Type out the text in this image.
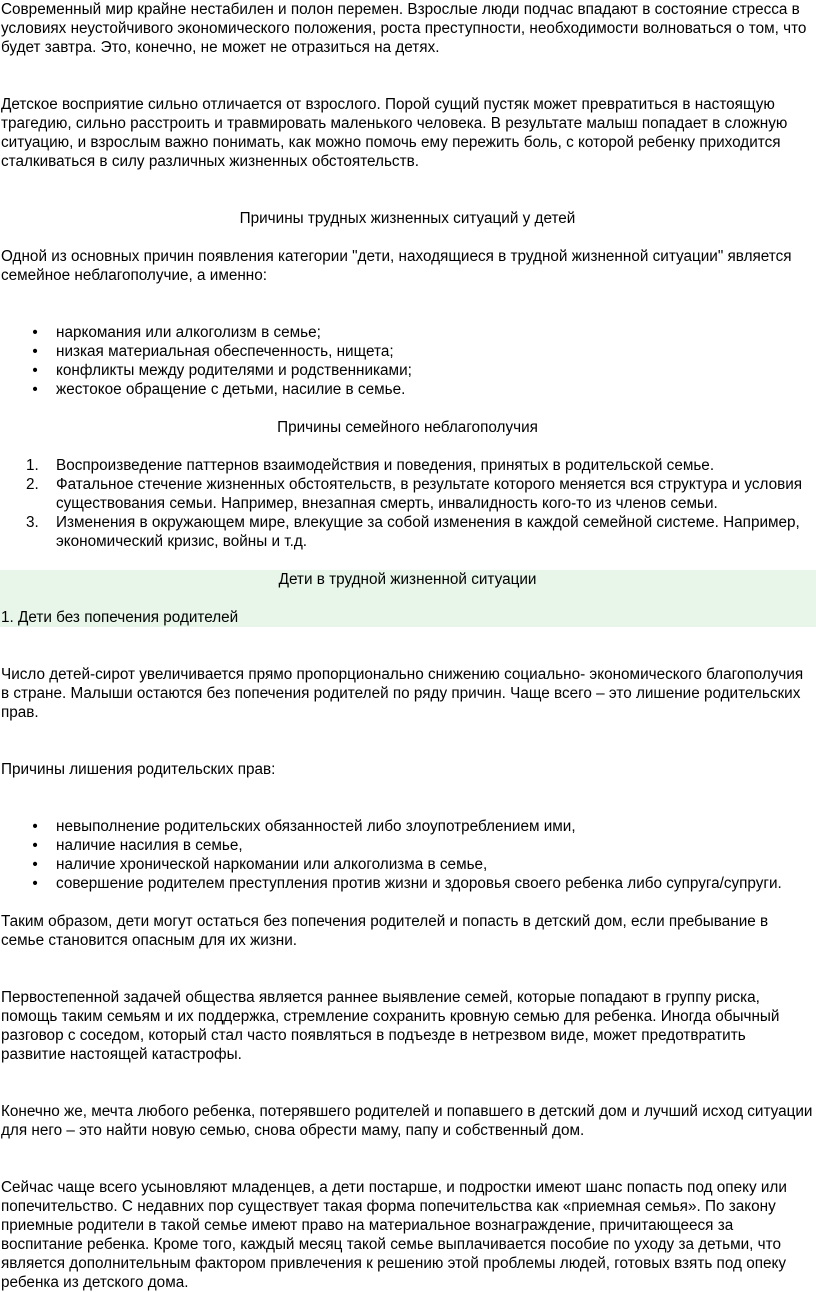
Современный мир крайне нестабилен и полон перемен. Взрослые люди подчас впадают в состояние стресса в условиях неустойчивого экономического положения, роста преступности, необходимости волноваться о том, что будет завтра. Это, конечно, не может не отразиться на детях.

Детское восприятие сильно отличается от взрослого. Порой сущий пустяк может превратиться в настоящую трагедию, сильно расстроить и травмировать маленького человека. В результате малыш попадает в сложную ситуацию, и взрослым важно понимать, как можно помочь ему пережить боль, с которой ребенку приходится сталкиваться в силу различных жизненных обстоятельств.

Причины трудных жизненных ситуаций у детей

Одной из основных причин появления категории "дети, находящиеся в трудной жизненной ситуации" является семейное неблагополучие, а именно:

• наркомания или алкоголизм в семье;
• низкая материальная обеспеченность, нищета;
• конфликты между родителями и родственниками;
• жестокое обращение с детьми, насилие в семье.

Причины семейного неблагополучия

1. Воспроизведение паттернов взаимодействия и поведения, принятых в родительской семье.
2. Фатальное стечение жизненных обстоятельств, в результате которого меняется вся структура и условия существования семьи. Например, внезапная смерть, инвалидность кого-то из членов семьи.
3. Изменения в окружающем мире, влекущие за собой изменения в каждой семейной системе. Например, экономический кризис, войны и т.д.

Дети в трудной жизненной ситуации

1. Дети без попечения родителей

Число детей-сирот увеличивается прямо пропорционально снижению социально- экономического благополучия в стране. Малыши остаются без попечения родителей по ряду причин. Чаще всего – это лишение родительских прав.

Причины лишения родительских прав:

• невыполнение родительских обязанностей либо злоупотреблением ими,
• наличие насилия в семье,
• наличие хронической наркомании или алкоголизма в семье,
• совершение родителем преступления против жизни и здоровья своего ребенка либо супруга/супруги.

Таким образом, дети могут остаться без попечения родителей и попасть в детский дом, если пребывание в семье становится опасным для их жизни.

Первостепенной задачей общества является раннее выявление семей, которые попадают в группу риска, помощь таким семьям и их поддержка, стремление сохранить кровную семью для ребенка. Иногда обычный разговор с соседом, который стал часто появляться в подъезде в нетрезвом виде, может предотвратить развитие настоящей катастрофы.

Конечно же, мечта любого ребенка, потерявшего родителей и попавшего в детский дом и лучший исход ситуации для него – это найти новую семью, снова обрести маму, папу и собственный дом.

Сейчас чаще всего усыновляют младенцев, а дети постарше, и подростки имеют шанс попасть под опеку или попечительство. С недавних пор существует такая форма попечительства как «приемная семья». По закону приемные родители в такой семье имеют право на материальное вознаграждение, причитающееся за воспитание ребенка. Кроме того, каждый месяц такой семье выплачивается пособие по уходу за детьми, что является дополнительным фактором привлечения к решению этой проблемы людей, готовых взять под опеку ребенка из детского дома.
